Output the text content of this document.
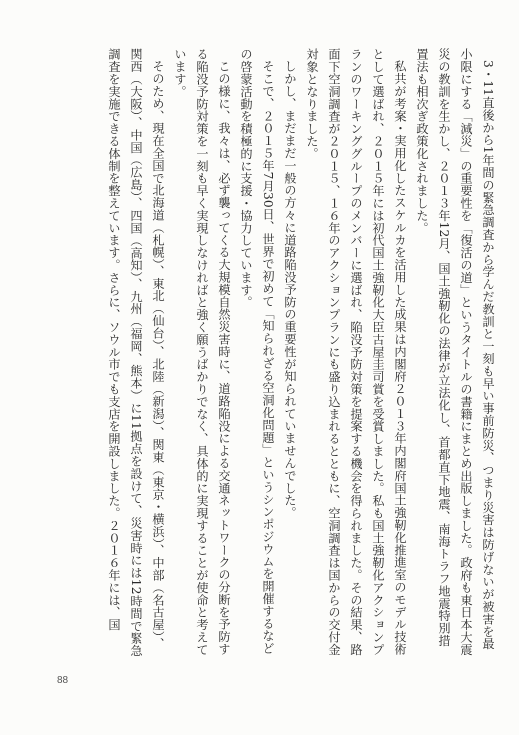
3・11直後から1年間の緊急調査から学んだ教訓と一刻も早い事前防災、つまり災害は防げないが被害を最小限にする「減災」の重要性を「復活の道」というタイトルの書籍にまとめ出版しました。政府も東日本大震災の教訓を生かし、２０１３年12月、国土強靭化の法律が立法化し、首都直下地震、南海トラフ地震特別措置法も相次ぎ政策化されました。

私共が考案・実用化したスケルカを活用した成果は内閣府２０１３年内閣府国土強靭化推進室のモデル技術として選ばれ、２０１５年には初代国土強靭化大臣古屋圭司賞を受賞しました。私も国土強靭化アクションプランのワーキンググループのメンバーに選ばれ、陥没予防対策を提案する機会を得られました。その結果、路面下空洞調査が２０１５、１６年のアクションプランにも盛り込まれるとともに、空洞調査は国からの交付金対象となりました。

しかし、まだまだ一般の方々に道路陥没予防の重要性が知られていませんでした。

そこで、２０１５年7月30日、世界で初めて「知られざる空洞化問題」というシンポジウムを開催するなどの啓蒙活動を積極的に支援・協力しています。

この様に、我々は、必ず襲ってくる大規模自然災害時に、道路陥没による交通ネットワークの分断を予防する陥没予防対策を一刻も早く実現しなければと強く願うばかりでなく、具体的に実現することが使命と考えています。

そのため、現在全国で北海道（札幌）、東北（仙台）、北陸（新潟）、関東（東京・横浜）、中部（名古屋）、関西（大阪）、中国（広島）、四国（高知）、九州（福岡、熊本）に11拠点を設けて、災害時には12時間で緊急調査を実施できる体制を整えています。さらに、ソウル市でも支店を開設しました。２０１６年には、国

88
